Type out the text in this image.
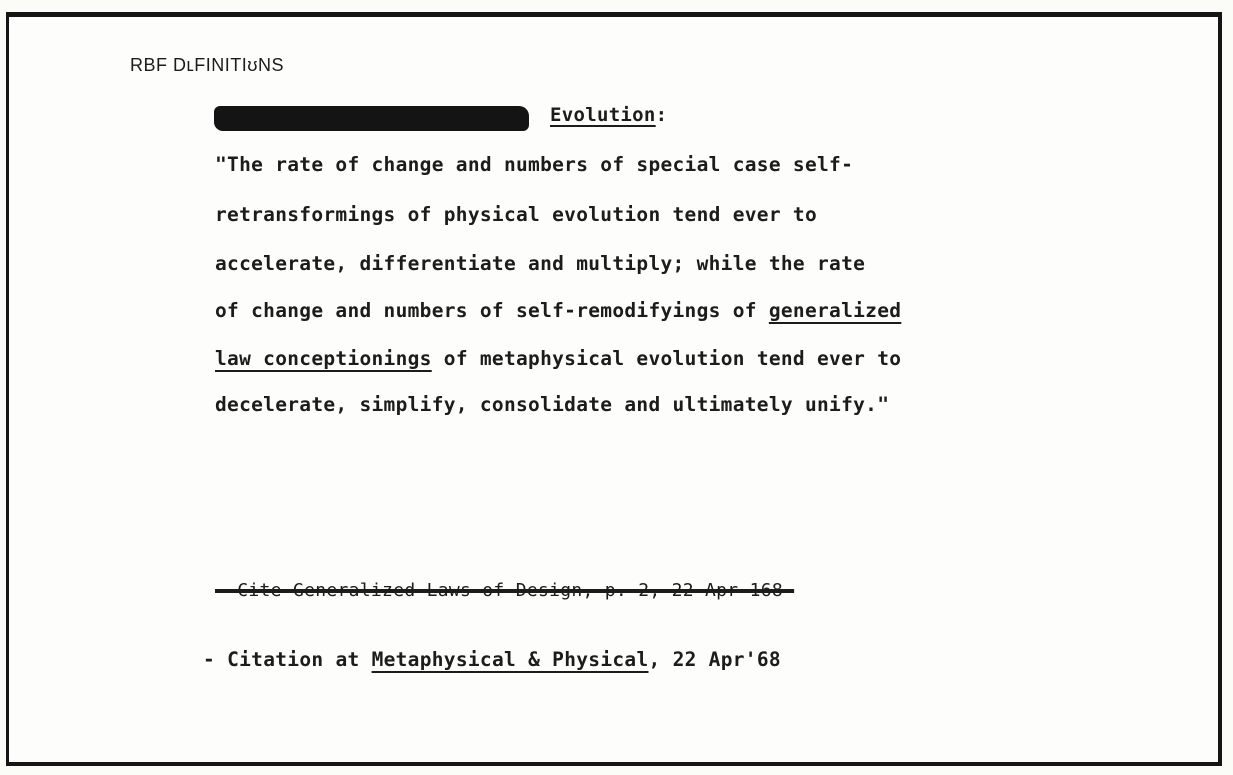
RBF DʟFINITIʊNS
Evolution:
"The rate of change and numbers of special case self-
retransformings of physical evolution tend ever to
accelerate, differentiate and multiply; while the rate
of change and numbers of self-remodifyings of generalized
law conceptionings of metaphysical evolution tend ever to
decelerate, simplify, consolidate and ultimately unify."
- Cite Generalized Laws of Design, p. 2, 22 Apr 168-
- Citation at Metaphysical & Physical, 22 Apr'68
